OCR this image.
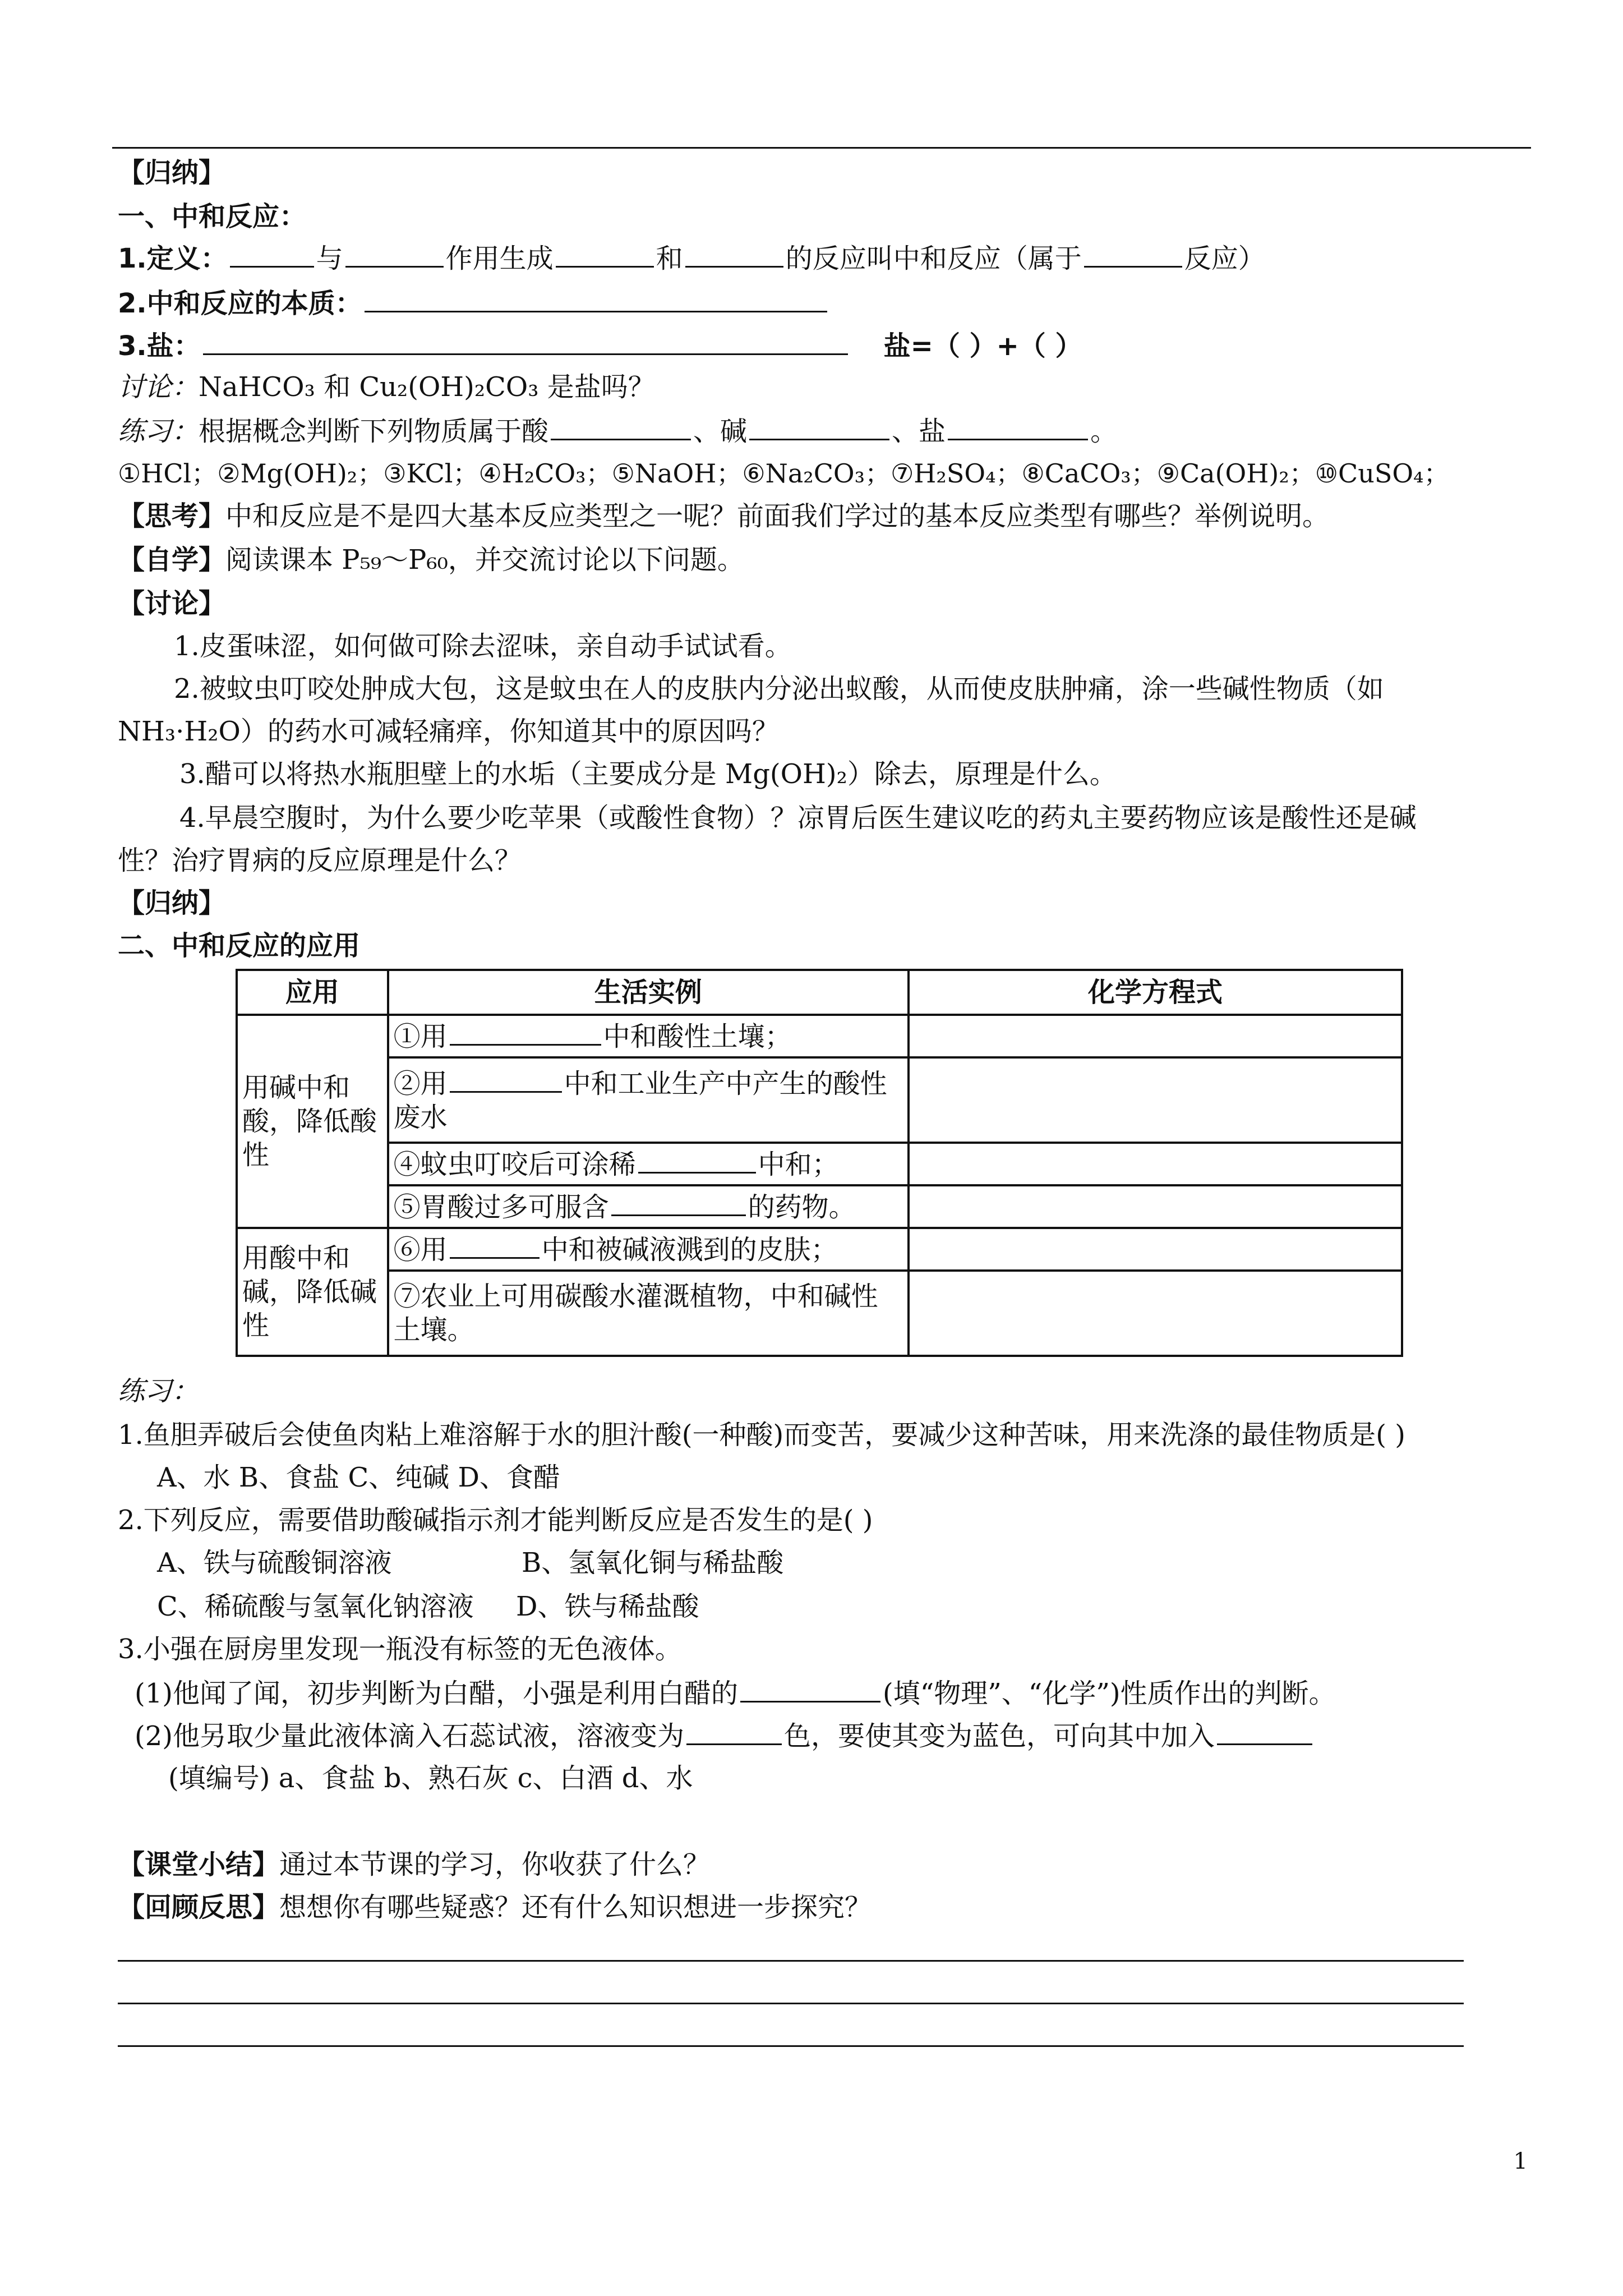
【归纳】
一、中和反应：
1.定义：	与	作用生成	和	的反应叫中和反应（属于	反应）
2.中和反应的本质：
3.盐：	盐=（ ）+（ ）
讨论：NaHCO₃ 和 Cu₂(OH)₂CO₃ 是盐吗？
练习：根据概念判断下列物质属于酸	、碱	、盐	。
①HCl；②Mg(OH)₂；③KCl；④H₂CO₃；⑤NaOH；⑥Na₂CO₃；⑦H₂SO₄；⑧CaCO₃；⑨Ca(OH)₂；⑩CuSO₄；
【思考】中和反应是不是四大基本反应类型之一呢？前面我们学过的基本反应类型有哪些？举例说明。
【自学】阅读课本 P₅₉～P₆₀，并交流讨论以下问题。
【讨论】
1.皮蛋味涩，如何做可除去涩味，亲自动手试试看。
2.被蚊虫叮咬处肿成大包，这是蚊虫在人的皮肤内分泌出蚁酸，从而使皮肤肿痛，涂一些碱性物质（如
NH₃·H₂O）的药水可减轻痛痒，你知道其中的原因吗？
3.醋可以将热水瓶胆壁上的水垢（主要成分是 Mg(OH)₂）除去，原理是什么。
4.早晨空腹时，为什么要少吃苹果（或酸性食物）？凉胃后医生建议吃的药丸主要药物应该是酸性还是碱
性？治疗胃病的反应原理是什么？
【归纳】
二、中和反应的应用
应用	生活实例	化学方程式
用碱中和酸，降低酸性	①用 中和酸性土壤；	
	②用 中和工业生产中产生的酸性废水	
	④蚊虫叮咬后可涂稀 中和；	
	⑤胃酸过多可服含 的药物。	
用酸中和碱，降低碱性	⑥用 中和被碱液溅到的皮肤；	
	⑦农业上可用碳酸水灌溉植物，中和碱性土壤。	
练习：
1.鱼胆弄破后会使鱼肉粘上难溶解于水的胆汁酸(一种酸)而变苦，要减少这种苦味，用来洗涤的最佳物质是( )
A、水 B、食盐 C、纯碱 D、食醋
2.下列反应，需要借助酸碱指示剂才能判断反应是否发生的是( )
A、铁与硫酸铜溶液	B、氢氧化铜与稀盐酸
C、稀硫酸与氢氧化钠溶液 D、铁与稀盐酸
3.小强在厨房里发现一瓶没有标签的无色液体。
(1)他闻了闻，初步判断为白醋，小强是利用白醋的	(填“物理”、“化学”)性质作出的判断。
(2)他另取少量此液体滴入石蕊试液，溶液变为	色，要使其变为蓝色，可向其中加入
(填编号) a、食盐 b、熟石灰 c、白酒 d、水
【课堂小结】通过本节课的学习，你收获了什么？
【回顾反思】想想你有哪些疑惑？还有什么知识想进一步探究？
1
